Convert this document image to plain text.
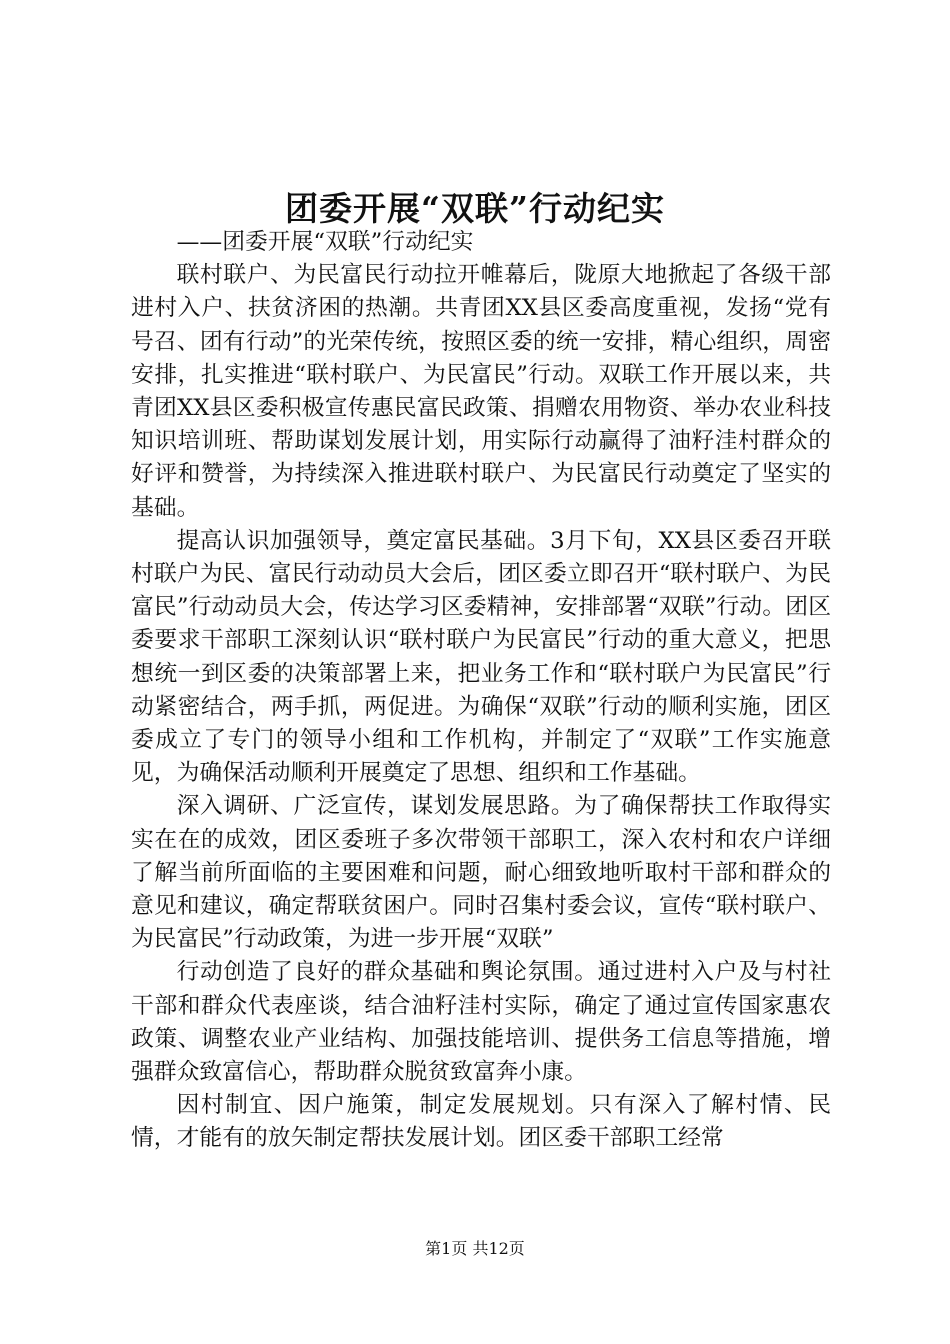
团委开展“双联”行动纪实

——团委开展“双联”行动纪实

联村联户、为民富民行动拉开帷幕后，陇原大地掀起了各级干部进村入户、扶贫济困的热潮。共青团XX县区委高度重视，发扬“党有号召、团有行动”的光荣传统，按照区委的统一安排，精心组织，周密安排，扎实推进“联村联户、为民富民”行动。双联工作开展以来，共青团XX县区委积极宣传惠民富民政策、捐赠农用物资、举办农业科技知识培训班、帮助谋划发展计划，用实际行动赢得了油籽洼村群众的好评和赞誉，为持续深入推进联村联户、为民富民行动奠定了坚实的基础。

提高认识加强领导，奠定富民基础。3月下旬，XX县区委召开联村联户为民、富民行动动员大会后，团区委立即召开“联村联户、为民富民”行动动员大会，传达学习区委精神，安排部署“双联”行动。团区委要求干部职工深刻认识“联村联户为民富民”行动的重大意义，把思想统一到区委的决策部署上来，把业务工作和“联村联户为民富民”行动紧密结合，两手抓，两促进。为确保“双联”行动的顺利实施，团区委成立了专门的领导小组和工作机构，并制定了“双联”工作实施意见，为确保活动顺利开展奠定了思想、组织和工作基础。

深入调研、广泛宣传，谋划发展思路。为了确保帮扶工作取得实实在在的成效，团区委班子多次带领干部职工，深入农村和农户详细了解当前所面临的主要困难和问题，耐心细致地听取村干部和群众的意见和建议，确定帮联贫困户。同时召集村委会议，宣传“联村联户、为民富民”行动政策，为进一步开展“双联”

行动创造了良好的群众基础和舆论氛围。通过进村入户及与村社干部和群众代表座谈，结合油籽洼村实际，确定了通过宣传国家惠农政策、调整农业产业结构、加强技能培训、提供务工信息等措施，增强群众致富信心，帮助群众脱贫致富奔小康。

因村制宜、因户施策，制定发展规划。只有深入了解村情、民情，才能有的放矢制定帮扶发展计划。团区委干部职工经常

第1页 共12页
